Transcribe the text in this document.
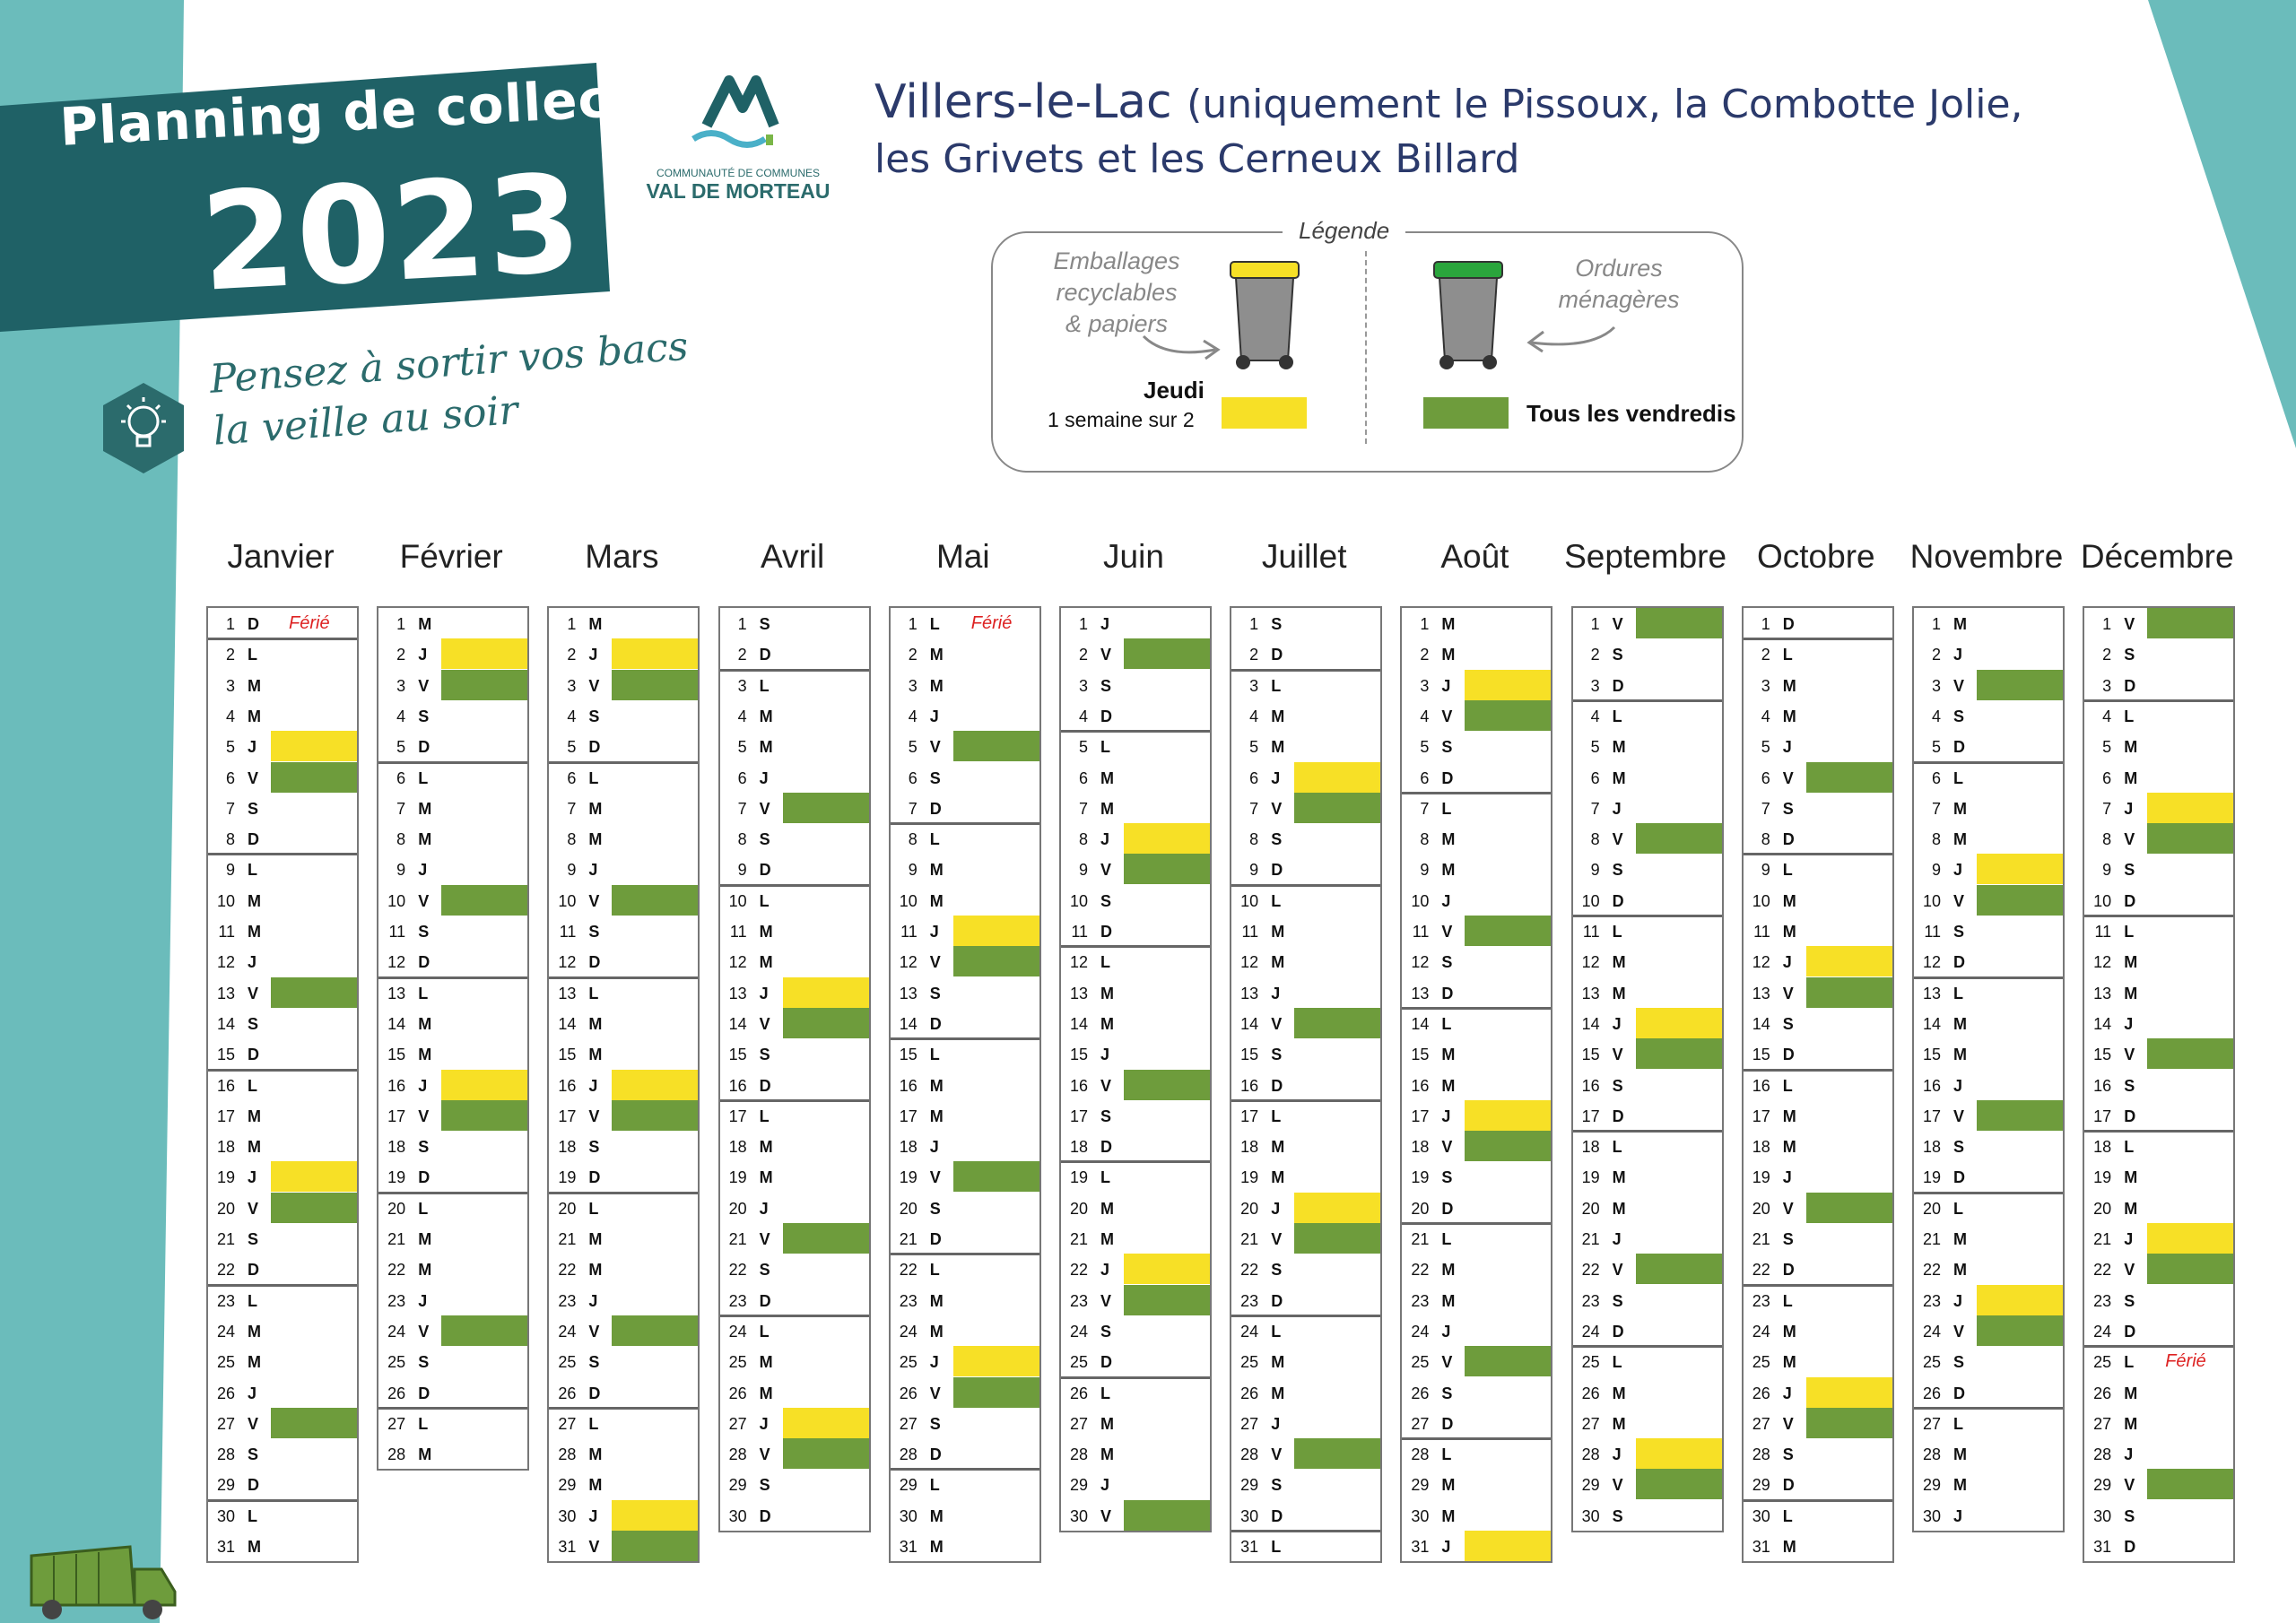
Planning de collecte
2023
Pensez à sortir vos bacs
la veille au soir
COMMUNAUTÉ DE COMMUNES
VAL DE MORTEAU
Villers-le-Lac (uniquement le Pissoux, la Combotte Jolie,
les Grivets et les Cerneux Billard
Légende
Emballages
recyclables
& papiers
Jeudi
1 semaine sur 2
Ordures
ménagères
Tous les vendredis
Janvier
1 D Férié
2 L
3 M
4 M
5 J
6 V
7 S
8 D
9 L
10 M
11 M
12 J
13 V
14 S
15 D
16 L
17 M
18 M
19 J
20 V
21 S
22 D
23 L
24 M
25 M
26 J
27 V
28 S
29 D
30 L
31 M
Février
1 M
2 J
3 V
4 S
5 D
6 L
7 M
8 M
9 J
10 V
11 S
12 D
13 L
14 M
15 M
16 J
17 V
18 S
19 D
20 L
21 M
22 M
23 J
24 V
25 S
26 D
27 L
28 M
Mars
1 M
2 J
3 V
4 S
5 D
6 L
7 M
8 M
9 J
10 V
11 S
12 D
13 L
14 M
15 M
16 J
17 V
18 S
19 D
20 L
21 M
22 M
23 J
24 V
25 S
26 D
27 L
28 M
29 M
30 J
31 V
Avril
1 S
2 D
3 L
4 M
5 M
6 J
7 V
8 S
9 D
10 L
11 M
12 M
13 J
14 V
15 S
16 D
17 L
18 M
19 M
20 J
21 V
22 S
23 D
24 L
25 M
26 M
27 J
28 V
29 S
30 D
Mai
1 L Férié
2 M
3 M
4 J
5 V
6 S
7 D
8 L
9 M
10 M
11 J
12 V
13 S
14 D
15 L
16 M
17 M
18 J
19 V
20 S
21 D
22 L
23 M
24 M
25 J
26 V
27 S
28 D
29 L
30 M
31 M
Juin
1 J
2 V
3 S
4 D
5 L
6 M
7 M
8 J
9 V
10 S
11 D
12 L
13 M
14 M
15 J
16 V
17 S
18 D
19 L
20 M
21 M
22 J
23 V
24 S
25 D
26 L
27 M
28 M
29 J
30 V
Juillet
1 S
2 D
3 L
4 M
5 M
6 J
7 V
8 S
9 D
10 L
11 M
12 M
13 J
14 V
15 S
16 D
17 L
18 M
19 M
20 J
21 V
22 S
23 D
24 L
25 M
26 M
27 J
28 V
29 S
30 D
31 L
Août
1 M
2 M
3 J
4 V
5 S
6 D
7 L
8 M
9 M
10 J
11 V
12 S
13 D
14 L
15 M
16 M
17 J
18 V
19 S
20 D
21 L
22 M
23 M
24 J
25 V
26 S
27 D
28 L
29 M
30 M
31 J
Septembre
1 V
2 S
3 D
4 L
5 M
6 M
7 J
8 V
9 S
10 D
11 L
12 M
13 M
14 J
15 V
16 S
17 D
18 L
19 M
20 M
21 J
22 V
23 S
24 D
25 L
26 M
27 M
28 J
29 V
30 S
Octobre
1 D
2 L
3 M
4 M
5 J
6 V
7 S
8 D
9 L
10 M
11 M
12 J
13 V
14 S
15 D
16 L
17 M
18 M
19 J
20 V
21 S
22 D
23 L
24 M
25 M
26 J
27 V
28 S
29 D
30 L
31 M
Novembre
1 M
2 J
3 V
4 S
5 D
6 L
7 M
8 M
9 J
10 V
11 S
12 D
13 L
14 M
15 M
16 J
17 V
18 S
19 D
20 L
21 M
22 M
23 J
24 V
25 S
26 D
27 L
28 M
29 M
30 J
Décembre
1 V
2 S
3 D
4 L
5 M
6 M
7 J
8 V
9 S
10 D
11 L
12 M
13 M
14 J
15 V
16 S
17 D
18 L
19 M
20 M
21 J
22 V
23 S
24 D
25 L Férié
26 M
27 M
28 J
29 V
30 S
31 D
